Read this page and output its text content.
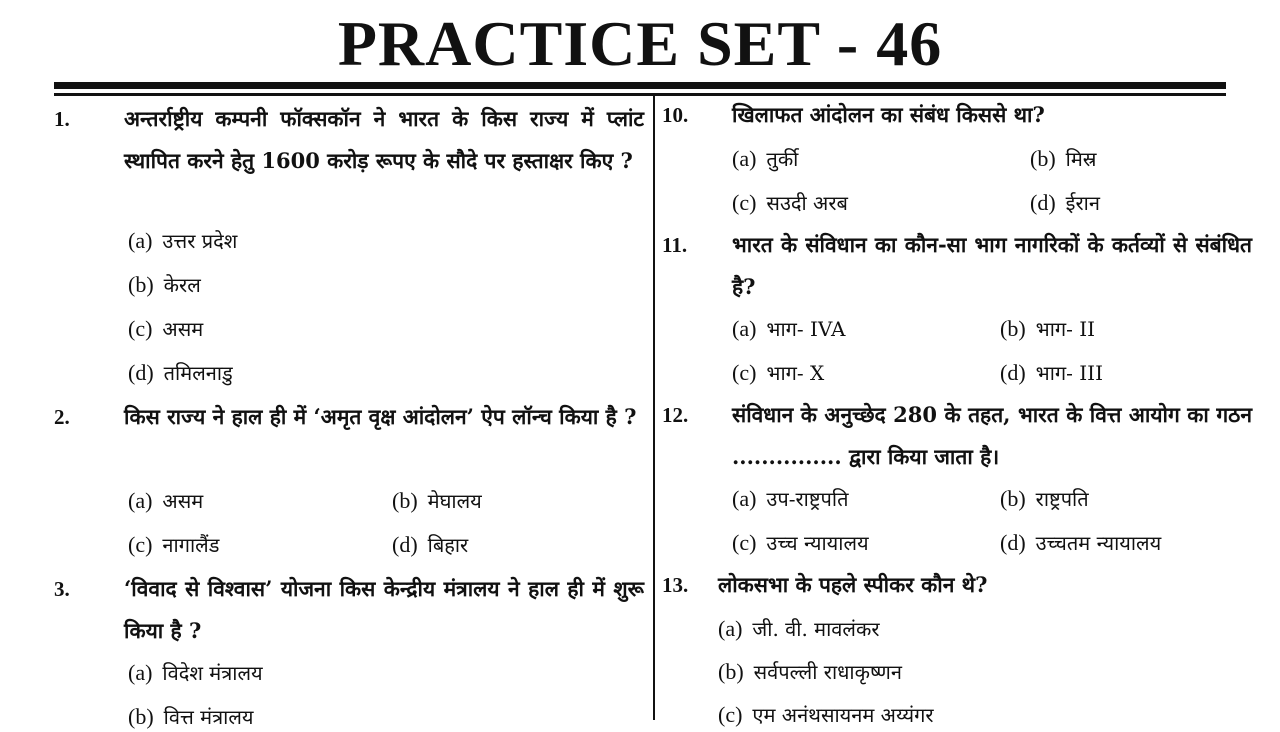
PRACTICE SET - 46
1.	अन्तर्राष्ट्रीय कम्पनी फॉक्सकॉन ने भारत के किस राज्य में प्लांट स्थापित करने हेतु 1600 करोड़ रूपए के सौदे पर हस्ताक्षर किए ?
(a) उत्तर प्रदेश
(b) केरल
(c) असम
(d) तमिलनाडु
2.	किस राज्य ने हाल ही में ‘अमृत वृक्ष आंदोलन’ ऐप लॉन्च किया है ?
(a) असम	(b) मेघालय
(c) नागालैंड	(d) बिहार
3.	‘विवाद से विश्वास’ योजना किस केन्द्रीय मंत्रालय ने हाल ही में शुरू किया है ?
(a) विदेश मंत्रालय
(b) वित्त मंत्रालय
10. खिलाफत आंदोलन का संबंध किससे था?
(a) तुर्की	(b) मिस्र
(c) सउदी अरब	(d) ईरान
11. भारत के संविधान का कौन-सा भाग नागरिकों के कर्तव्यों से संबंधित है?
(a) भाग- IVA	(b) भाग- II
(c) भाग- X	(d) भाग- III
12. संविधान के अनुच्छेद 280 के तहत, भारत के वित्त आयोग का गठन ............... द्वारा किया जाता है।
(a) उप-राष्ट्रपति	(b) राष्ट्रपति
(c) उच्च न्यायालय	(d) उच्चतम न्यायालय
13. लोकसभा के पहले स्पीकर कौन थे?
(a) जी. वी. मावलंकर
(b) सर्वपल्ली राधाकृष्णन
(c) एम अनंथसायनम अय्यंगर
